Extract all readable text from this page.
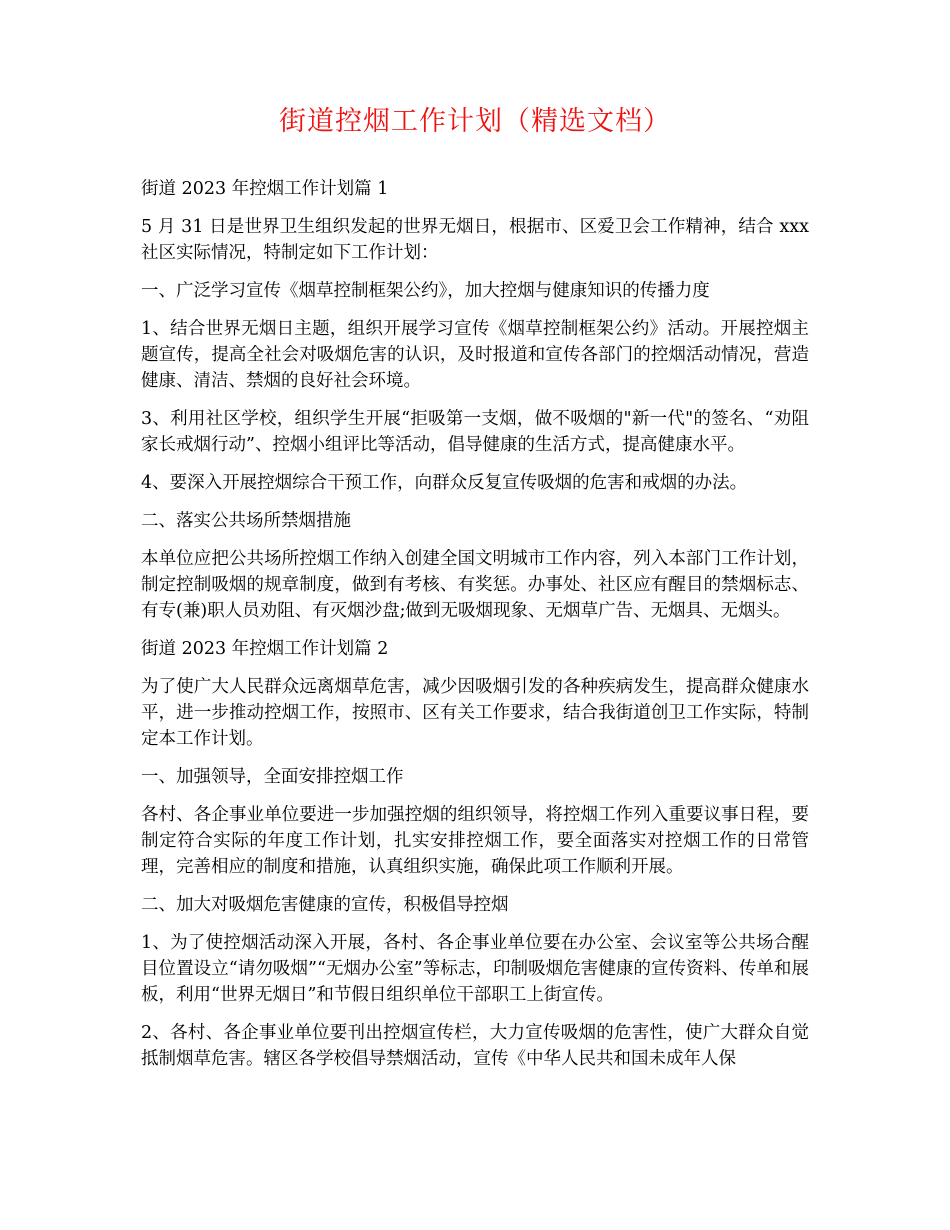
街道控烟工作计划（精选文档）

街道 2023 年控烟工作计划篇 1

5 月 31 日是世界卫生组织发起的世界无烟日，根据市、区爱卫会工作精神，结合 xxx 社区实际情况，特制定如下工作计划：

一、广泛学习宣传《烟草控制框架公约》，加大控烟与健康知识的传播力度

1、结合世界无烟日主题，组织开展学习宣传《烟草控制框架公约》活动。开展控烟主题宣传，提高全社会对吸烟危害的认识，及时报道和宣传各部门的控烟活动情况，营造健康、清洁、禁烟的良好社会环境。

3、利用社区学校，组织学生开展“拒吸第一支烟，做不吸烟的"新一代"的签名、“劝阻家长戒烟行动”、控烟小组评比等活动，倡导健康的生活方式，提高健康水平。

4、要深入开展控烟综合干预工作，向群众反复宣传吸烟的危害和戒烟的办法。

二、落实公共场所禁烟措施

本单位应把公共场所控烟工作纳入创建全国文明城市工作内容，列入本部门工作计划，制定控制吸烟的规章制度，做到有考核、有奖惩。办事处、社区应有醒目的禁烟标志、有专(兼)职人员劝阻、有灭烟沙盘;做到无吸烟现象、无烟草广告、无烟具、无烟头。

街道 2023 年控烟工作计划篇 2

为了使广大人民群众远离烟草危害，减少因吸烟引发的各种疾病发生，提高群众健康水平，进一步推动控烟工作，按照市、区有关工作要求，结合我街道创卫工作实际，特制定本工作计划。

一、加强领导，全面安排控烟工作

各村、各企事业单位要进一步加强控烟的组织领导，将控烟工作列入重要议事日程，要制定符合实际的年度工作计划，扎实安排控烟工作，要全面落实对控烟工作的日常管理，完善相应的制度和措施，认真组织实施，确保此项工作顺利开展。

二、加大对吸烟危害健康的宣传，积极倡导控烟

1、为了使控烟活动深入开展，各村、各企事业单位要在办公室、会议室等公共场合醒目位置设立“请勿吸烟”“无烟办公室”等标志，印制吸烟危害健康的宣传资料、传单和展板，利用“世界无烟日”和节假日组织单位干部职工上街宣传。

2、各村、各企事业单位要刊出控烟宣传栏，大力宣传吸烟的危害性，使广大群众自觉抵制烟草危害。辖区各学校倡导禁烟活动，宣传《中华人民共和国未成年人保
